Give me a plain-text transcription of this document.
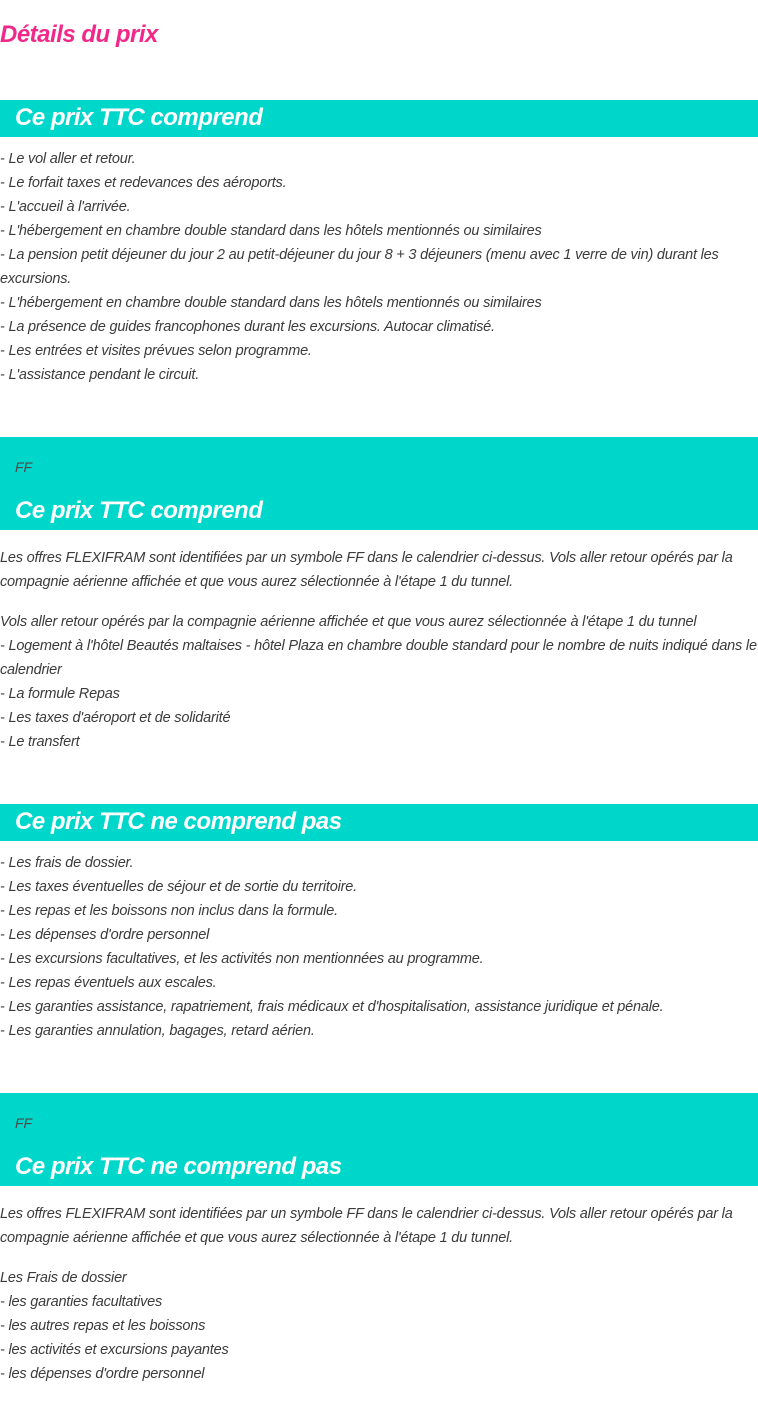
Détails du prix
Ce prix TTC comprend
- Le vol aller et retour.
- Le forfait taxes et redevances des aéroports.
- L'accueil à l'arrivée.
- L'hébergement en chambre double standard dans les hôtels mentionnés ou similaires
- La pension petit déjeuner du jour 2 au petit-déjeuner du jour 8 + 3 déjeuners (menu avec 1 verre de vin) durant les excursions.
- L'hébergement en chambre double standard dans les hôtels mentionnés ou similaires
- La présence de guides francophones durant les excursions. Autocar climatisé.
- Les entrées et visites prévues selon programme.
- L'assistance pendant le circuit.
FF
Ce prix TTC comprend

Les offres FLEXIFRAM sont identifiées par un symbole FF dans le calendrier ci-dessus. Vols aller retour opérés par la compagnie aérienne affichée et que vous aurez sélectionnée à l'étape 1 du tunnel.

Vols aller retour opérés par la compagnie aérienne affichée et que vous aurez sélectionnée à l'étape 1 du tunnel
- Logement à l'hôtel Beautés maltaises - hôtel Plaza en chambre double standard pour le nombre de nuits indiqué dans le calendrier
- La formule Repas
- Les taxes d'aéroport et de solidarité
- Le transfert
Ce prix TTC ne comprend pas
- Les frais de dossier.
- Les taxes éventuelles de séjour et de sortie du territoire.
- Les repas et les boissons non inclus dans la formule.
- Les dépenses d'ordre personnel
- Les excursions facultatives, et les activités non mentionnées au programme.
- Les repas éventuels aux escales.
- Les garanties assistance, rapatriement, frais médicaux et d'hospitalisation, assistance juridique et pénale.
- Les garanties annulation, bagages, retard aérien.
FF
Ce prix TTC ne comprend pas

Les offres FLEXIFRAM sont identifiées par un symbole FF dans le calendrier ci-dessus. Vols aller retour opérés par la compagnie aérienne affichée et que vous aurez sélectionnée à l'étape 1 du tunnel.

Les Frais de dossier
- les garanties facultatives
- les autres repas et les boissons
- les activités et excursions payantes
- les dépenses d'ordre personnel
